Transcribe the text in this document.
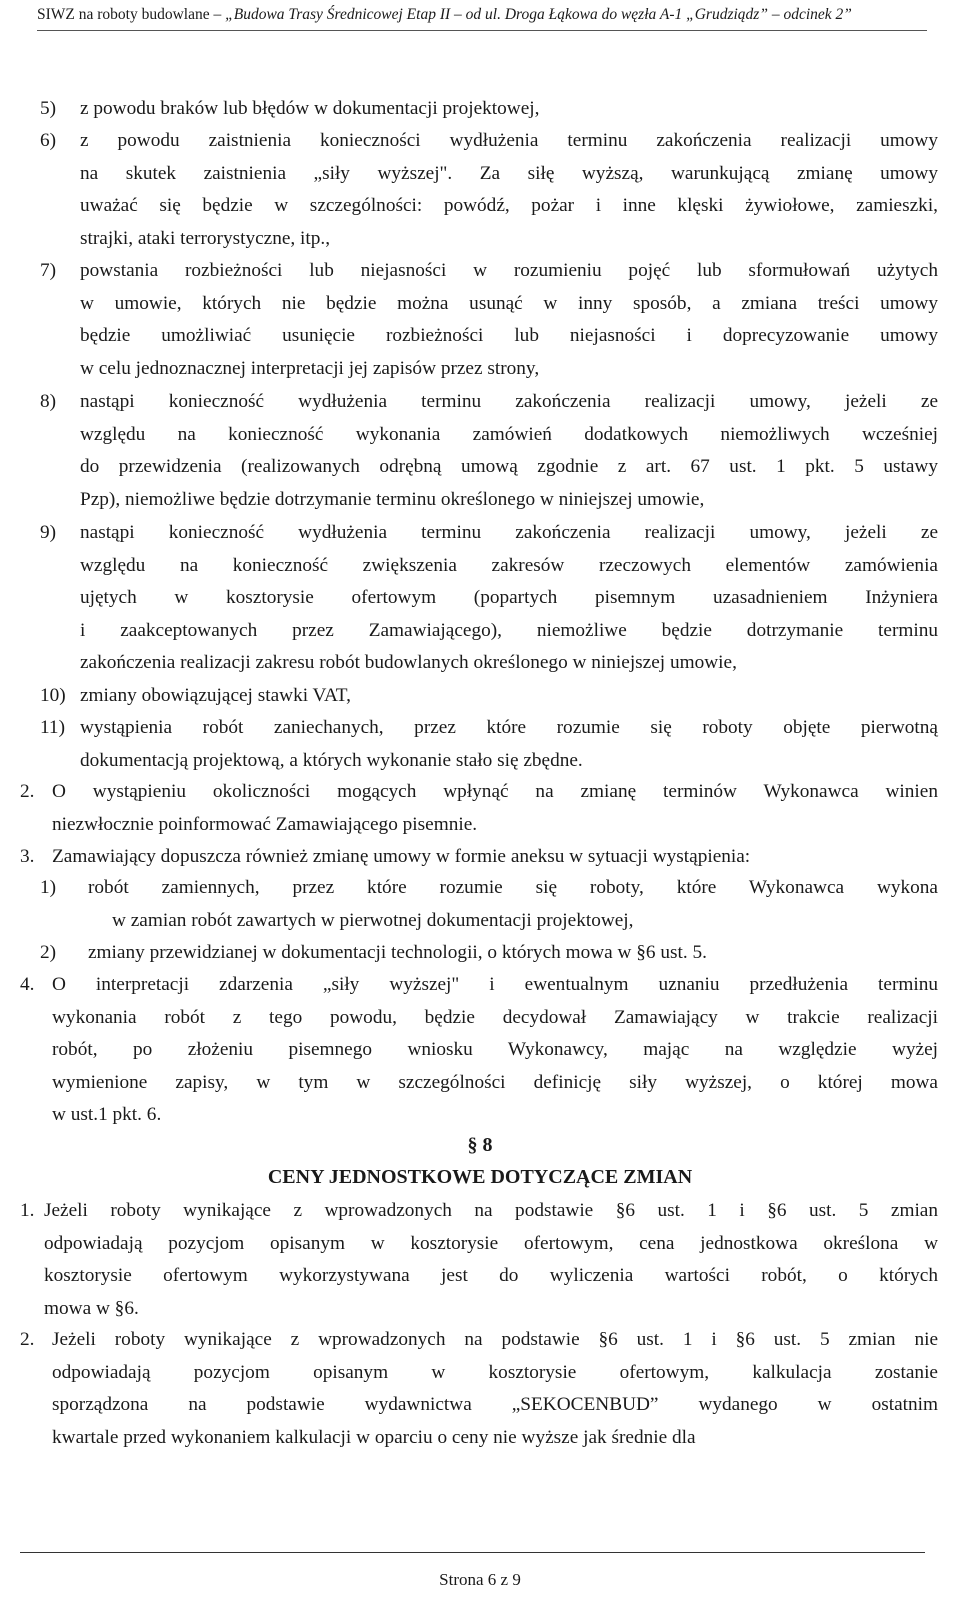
SIWZ na roboty budowlane – „Budowa Trasy Średnicowej Etap II – od ul. Droga Łąkowa do węzła A-1 „Grudziądz” – odcinek 2”
5) z powodu braków lub błędów w dokumentacji projektowej,
6) z powodu zaistnienia konieczności wydłużenia terminu zakończenia realizacji umowy
na skutek zaistnienia „siły wyższej". Za siłę wyższą, warunkującą zmianę umowy
uważać się będzie w szczególności: powódź, pożar i inne klęski żywiołowe, zamieszki,
strajki, ataki terrorystyczne, itp.,
7) powstania rozbieżności lub niejasności w rozumieniu pojęć lub sformułowań użytych
w umowie, których nie będzie można usunąć w inny sposób, a zmiana treści umowy
będzie umożliwiać usunięcie rozbieżności lub niejasności i doprecyzowanie umowy
w celu jednoznacznej interpretacji jej zapisów przez strony,
8) nastąpi konieczność wydłużenia terminu zakończenia realizacji umowy, jeżeli ze
względu na konieczność wykonania zamówień dodatkowych niemożliwych wcześniej
do przewidzenia (realizowanych odrębną umową zgodnie z art. 67 ust. 1 pkt. 5 ustawy
Pzp), niemożliwe będzie dotrzymanie terminu określonego w niniejszej umowie,
9) nastąpi konieczność wydłużenia terminu zakończenia realizacji umowy, jeżeli ze
względu na konieczność zwiększenia zakresów rzeczowych elementów zamówienia
ujętych w kosztorysie ofertowym (popartych pisemnym uzasadnieniem Inżyniera
i zaakceptowanych przez Zamawiającego), niemożliwe będzie dotrzymanie terminu
zakończenia realizacji zakresu robót budowlanych określonego w niniejszej umowie,
10) zmiany obowiązującej stawki VAT,
11) wystąpienia robót zaniechanych, przez które rozumie się roboty objęte pierwotną
dokumentacją projektową, a których wykonanie stało się zbędne.
2. O wystąpieniu okoliczności mogących wpłynąć na zmianę terminów Wykonawca winien
niezwłocznie poinformować Zamawiającego pisemnie.
3. Zamawiający dopuszcza również zmianę umowy w formie aneksu w sytuacji wystąpienia:
1) robót zamiennych, przez które rozumie się roboty, które Wykonawca wykona
w zamian robót zawartych w pierwotnej dokumentacji projektowej,
2) zmiany przewidzianej w dokumentacji technologii, o których mowa w §6 ust. 5.
4. O interpretacji zdarzenia „siły wyższej" i ewentualnym uznaniu przedłużenia terminu
wykonania robót z tego powodu, będzie decydował Zamawiający w trakcie realizacji
robót, po złożeniu pisemnego wniosku Wykonawcy, mając na względzie wyżej
wymienione zapisy, w tym w szczególności definicję siły wyższej, o której mowa
w ust.1 pkt. 6.
1. Jeżeli roboty wynikające z wprowadzonych na podstawie §6 ust. 1 i §6 ust. 5 zmian
odpowiadają pozycjom opisanym w kosztorysie ofertowym, cena jednostkowa określona w
kosztorysie ofertowym wykorzystywana jest do wyliczenia wartości robót, o których
mowa w §6.
2. Jeżeli roboty wynikające z wprowadzonych na podstawie §6 ust. 1 i §6 ust. 5 zmian nie
odpowiadają pozycjom opisanym w kosztorysie ofertowym, kalkulacja zostanie
sporządzona na podstawie wydawnictwa „SEKOCENBUD” wydanego w ostatnim
kwartale przed wykonaniem kalkulacji w oparciu o ceny nie wyższe jak średnie dla
§ 8
CENY JEDNOSTKOWE DOTYCZĄCE ZMIAN
Strona 6 z 9
